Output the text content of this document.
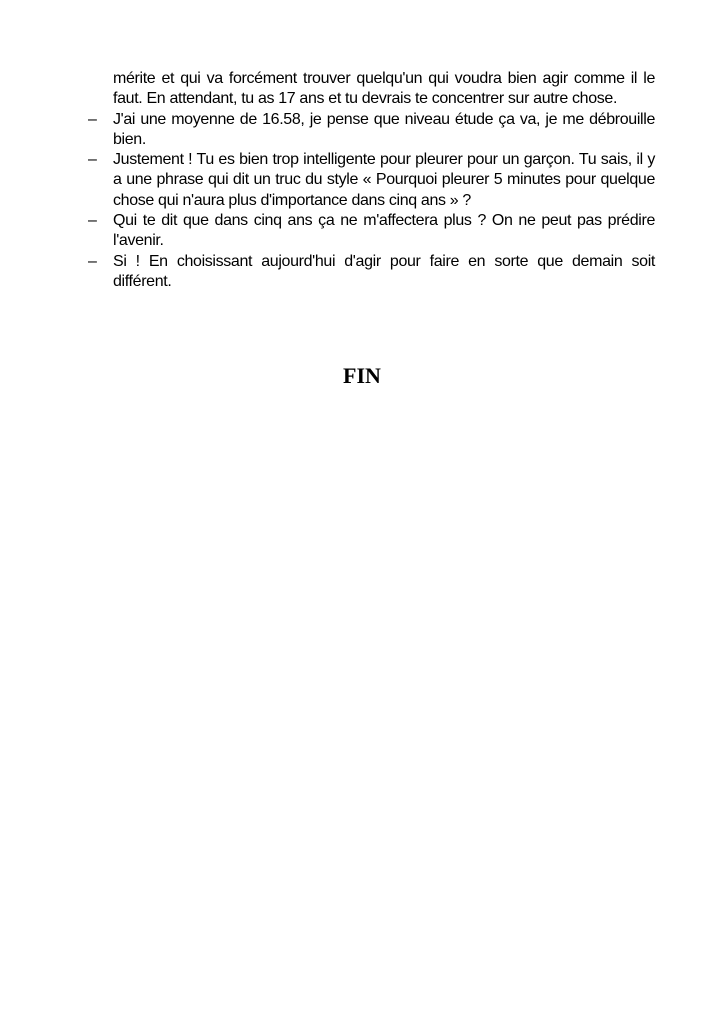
mérite et qui va forcément trouver quelqu'un qui voudra bien agir comme il le faut. En attendant, tu as 17 ans et tu devrais te concentrer sur autre chose.
–	J'ai une moyenne de 16.58, je pense que niveau étude ça va, je me débrouille bien.
–	Justement ! Tu es bien trop intelligente pour pleurer pour un garçon. Tu sais, il y a une phrase qui dit un truc du style « Pourquoi pleurer 5 minutes pour quelque chose qui n'aura plus d'importance dans cinq ans » ?
–	Qui te dit que dans cinq ans ça ne m'affectera plus ? On ne peut pas prédire l'avenir.
–	Si ! En choisissant aujourd'hui d'agir pour faire en sorte que demain soit différent.

FIN
